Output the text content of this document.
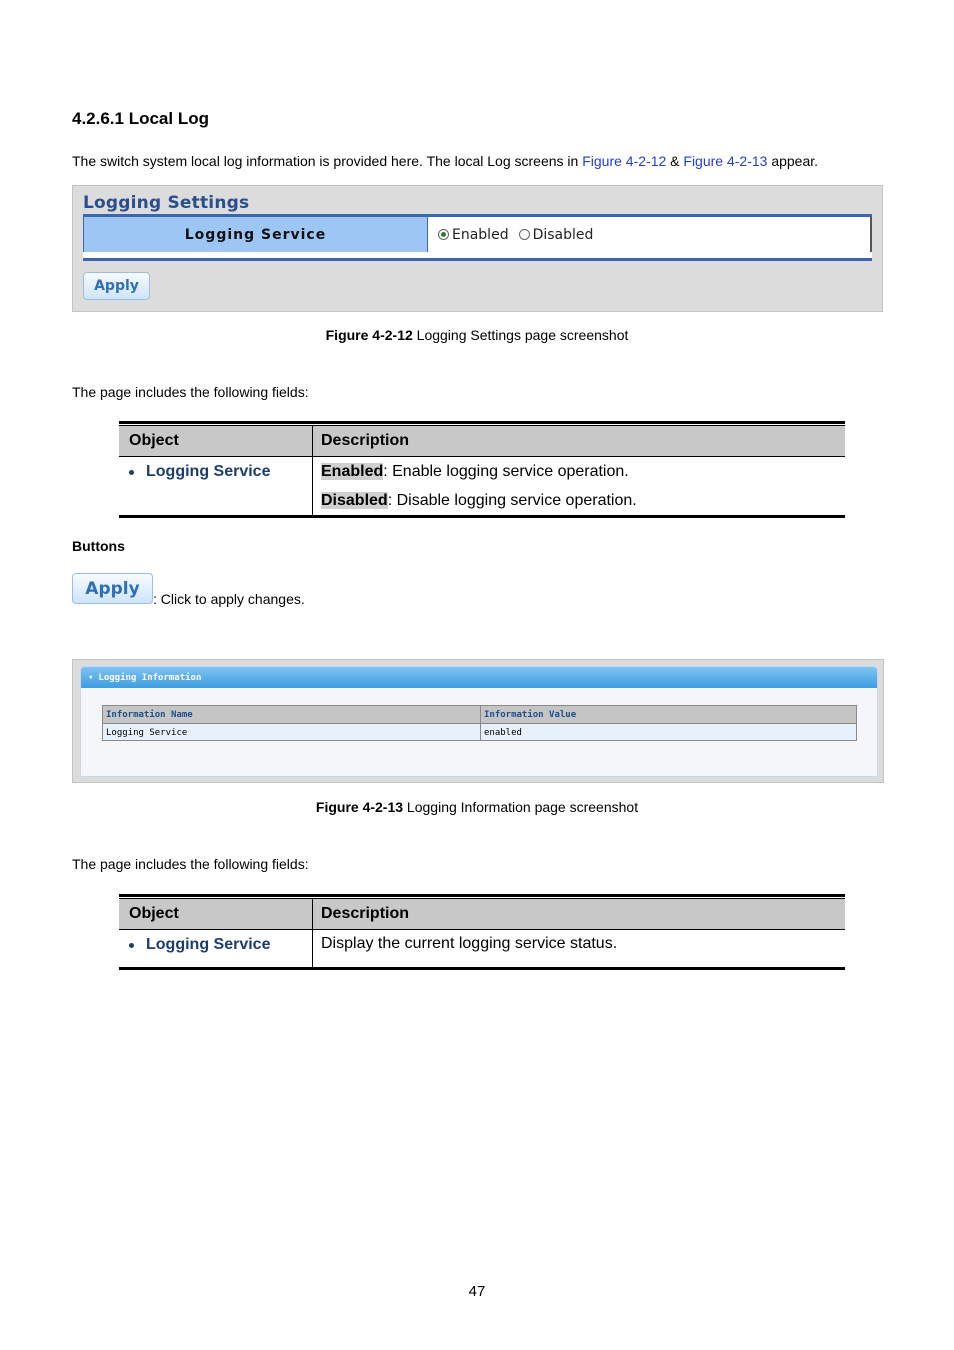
4.2.6.1 Local Log
The switch system local log information is provided here. The local Log screens in Figure 4-2-12 & Figure 4-2-13 appear.
Logging Settings
Logging Service	Enabled Disabled
Apply
Figure 4-2-12 Logging Settings page screenshot
The page includes the following fields:
Object	Description
Logging Service	Enabled: Enable logging service operation.
Disabled: Disable logging service operation.
Buttons
Apply
: Click to apply changes.
▾ Logging Information
Information Name	Information Value
Logging Service	enabled
Figure 4-2-13 Logging Information page screenshot
The page includes the following fields:
Object	Description
Logging Service	Display the current logging service status.
47
